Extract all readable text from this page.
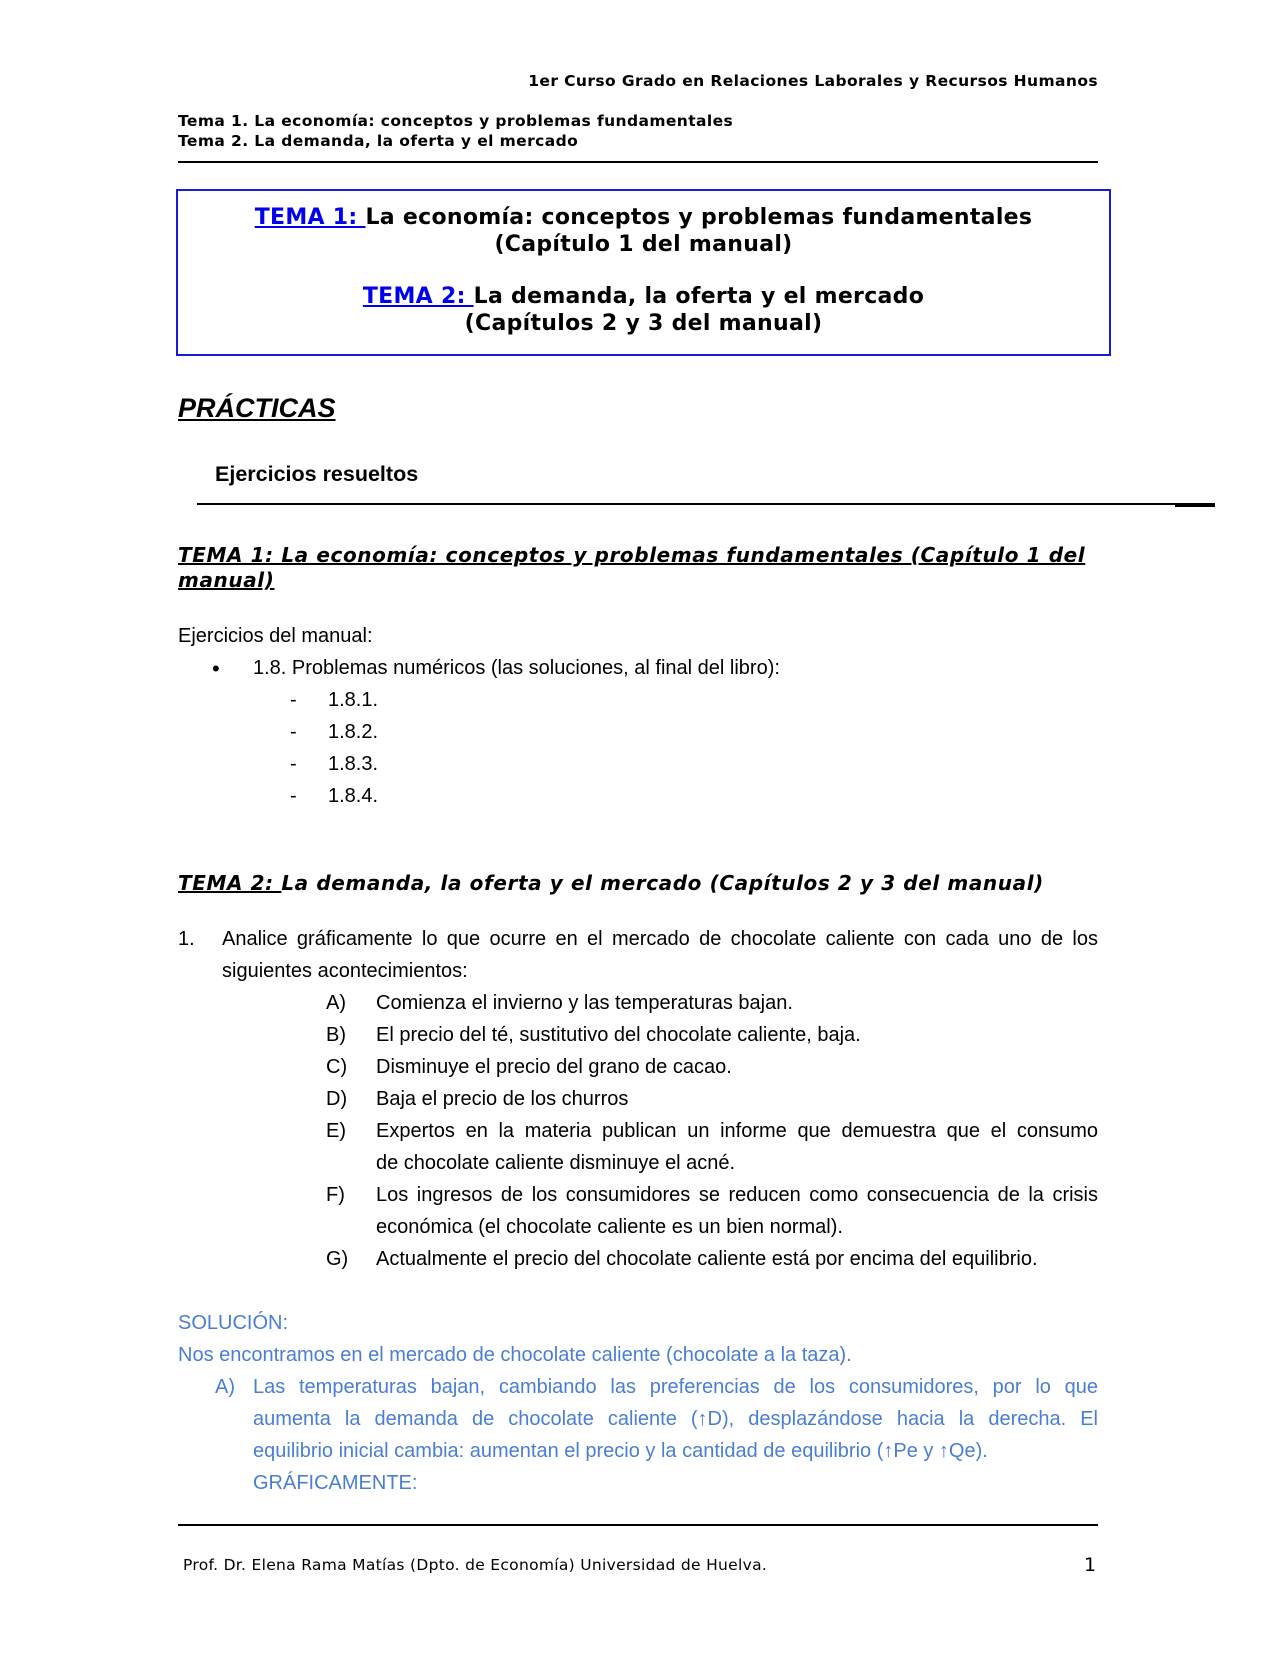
1er Curso Grado en Relaciones Laborales y Recursos Humanos
Tema 1. La economía: conceptos y problemas fundamentales
Tema 2. La demanda, la oferta y el mercado
TEMA 1: La economía: conceptos y problemas fundamentales
(Capítulo 1 del manual)
TEMA 2: La demanda, la oferta y el mercado
(Capítulos 2 y 3 del manual)
PRÁCTICAS
Ejercicios resueltos
TEMA 1: La economía: conceptos y problemas fundamentales (Capítulo 1 del
manual)
Ejercicios del manual:
• 1.8. Problemas numéricos (las soluciones, al final del libro):
- 1.8.1.
- 1.8.2.
- 1.8.3.
- 1.8.4.
TEMA 2: La demanda, la oferta y el mercado (Capítulos 2 y 3 del manual)
1. Analice gráficamente lo que ocurre en el mercado de chocolate caliente con cada uno de los
siguientes acontecimientos:
A) Comienza el invierno y las temperaturas bajan.
B) El precio del té, sustitutivo del chocolate caliente, baja.
C) Disminuye el precio del grano de cacao.
D) Baja el precio de los churros
E) Expertos en la materia publican un informe que demuestra que el consumo
de chocolate caliente disminuye el acné.
F) Los ingresos de los consumidores se reducen como consecuencia de la crisis
económica (el chocolate caliente es un bien normal).
G) Actualmente el precio del chocolate caliente está por encima del equilibrio.
SOLUCIÓN:
Nos encontramos en el mercado de chocolate caliente (chocolate a la taza).
A) Las temperaturas bajan, cambiando las preferencias de los consumidores, por lo que
aumenta la demanda de chocolate caliente (↑D), desplazándose hacia la derecha. El
equilibrio inicial cambia: aumentan el precio y la cantidad de equilibrio (↑Pe y ↑Qe).
GRÁFICAMENTE:
Prof. Dr. Elena Rama Matías (Dpto. de Economía) Universidad de Huelva.	1
